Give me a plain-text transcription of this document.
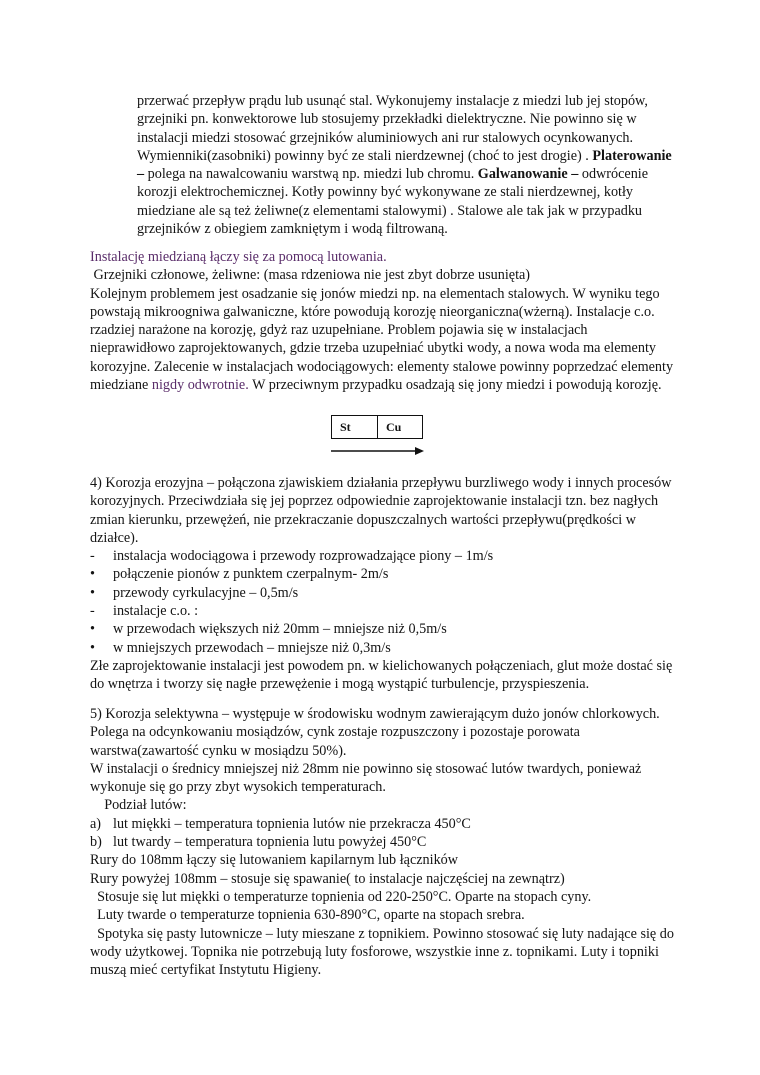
przerwać przepływ prądu lub usunąć stal. Wykonujemy instalacje z miedzi lub jej stopów, grzejniki pn. konwektorowe lub stosujemy przekładki dielektryczne. Nie powinno się w instalacji miedzi stosować grzejników aluminiowych ani rur stalowych ocynkowanych. Wymienniki(zasobniki) powinny być ze stali nierdzewnej (choć to jest drogie) . Platerowanie – polega na nawalcowaniu warstwą np. miedzi lub chromu. Galwanowanie – odwrócenie korozji elektrochemicznej. Kotły powinny być wykonywane ze stali nierdzewnej, kotły miedziane ale są też żeliwne(z elementami stalowymi) . Stalowe ale tak jak w przypadku grzejników z obiegiem zamkniętym i wodą filtrowaną.

Instalację miedzianą łączy się za pomocą lutowania.

Grzejniki członowe, żeliwne: (masa rdzeniowa nie jest zbyt dobrze usunięta)

Kolejnym problemem jest osadzanie się jonów miedzi np. na elementach stalowych. W wyniku tego powstają mikroogniwa galwaniczne, które powodują korozję nieorganiczna(wżerną). Instalacje c.o. rzadziej narażone na korozję, gdyż raz uzupełniane. Problem pojawia się w instalacjach nieprawidłowo zaprojektowanych, gdzie trzeba uzupełniać ubytki wody, a nowa woda ma elementy korozyjne. Zalecenie w instalacjach wodociągowych: elementy stalowe powinny poprzedzać elementy miedziane nigdy odwrotnie. W przeciwnym przypadku osadzają się jony miedzi i powodują korozję.

St	Cu

4) Korozja erozyjna – połączona zjawiskiem działania przepływu burzliwego wody i innych procesów korozyjnych. Przeciwdziała się jej poprzez odpowiednie zaprojektowanie instalacji tzn. bez nagłych zmian kierunku, przewężeń, nie przekraczanie dopuszczalnych wartości przepływu(prędkości w działce).

-	instalacja wodociągowa i przewody rozprowadzające piony – 1m/s
•	połączenie pionów z punktem czerpalnym- 2m/s
•	przewody cyrkulacyjne – 0,5m/s
-	instalacje c.o. :
•	w przewodach większych niż 20mm – mniejsze niż 0,5m/s
•	w mniejszych przewodach – mniejsze niż 0,3m/s

Złe zaprojektowanie instalacji jest powodem pn. w kielichowanych połączeniach, glut może dostać się do wnętrza i tworzy się nagłe przewężenie i mogą wystąpić turbulencje, przyspieszenia.

5) Korozja selektywna – występuje w środowisku wodnym zawierającym dużo jonów chlorkowych. Polega na odcynkowaniu mosiądzów, cynk zostaje rozpuszczony i pozostaje porowata warstwa(zawartość cynku w mosiądzu 50%).

W instalacji o średnicy mniejszej niż 28mm nie powinno się stosować lutów twardych, ponieważ wykonuje się go przy zbyt wysokich temperaturach.

Podział lutów:

a) lut miękki – temperatura topnienia lutów nie przekracza 450°C
b) lut twardy – temperatura topnienia lutu powyżej 450°C

Rury do 108mm łączy się lutowaniem kapilarnym lub łączników

Rury powyżej 108mm – stosuje się spawanie( to instalacje najczęściej na zewnątrz)

Stosuje się lut miękki o temperaturze topnienia od 220-250°C. Oparte na stopach cyny.

Luty twarde o temperaturze topnienia 630-890°C, oparte na stopach srebra.

Spotyka się pasty lutownicze – luty mieszane z topnikiem. Powinno stosować się luty nadające się do wody użytkowej. Topnika nie potrzebują luty fosforowe, wszystkie inne z. topnikami. Luty i topniki muszą mieć certyfikat Instytutu Higieny.
